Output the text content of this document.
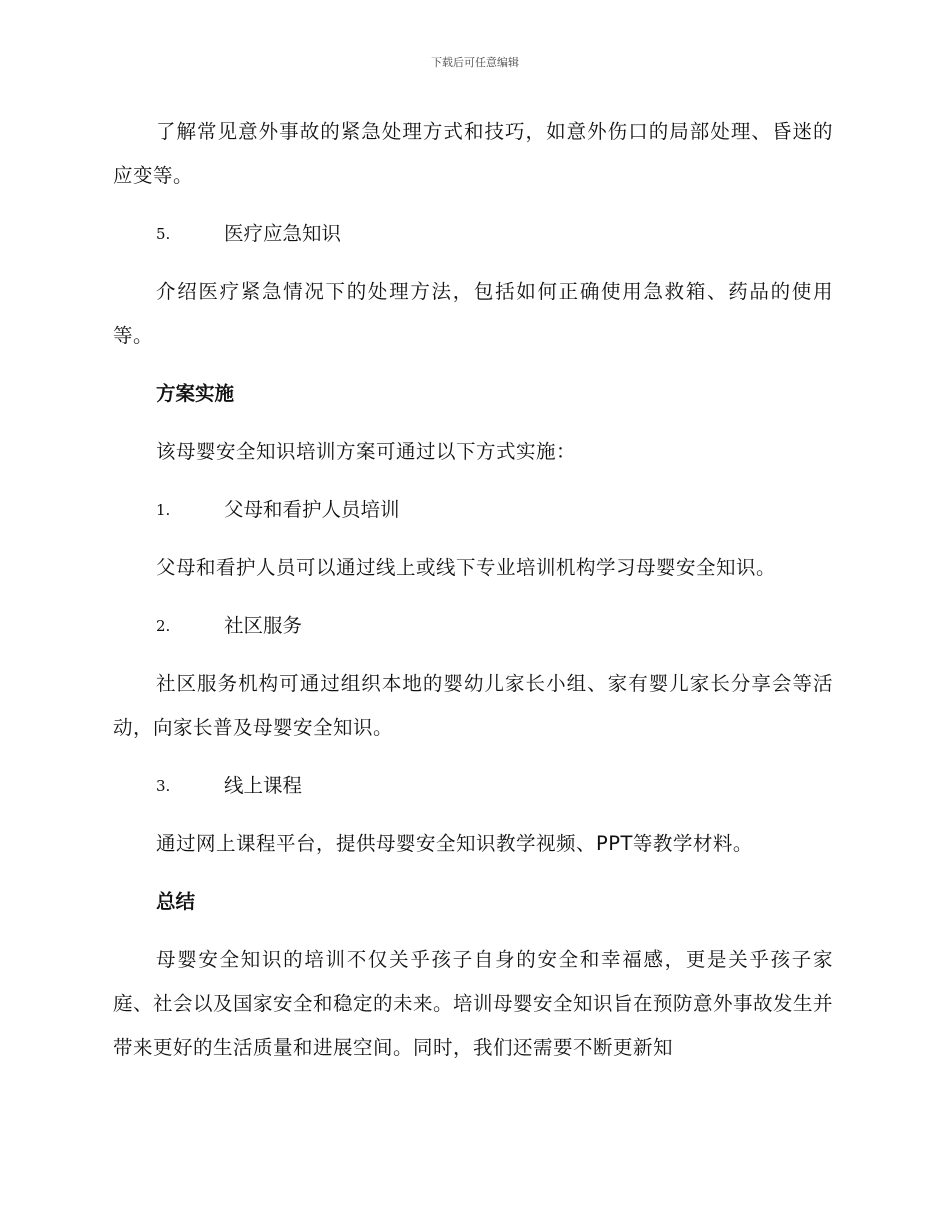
下载后可任意编辑

了解常见意外事故的紧急处理方式和技巧，如意外伤口的局部处理、昏迷的应变等。

5.	医疗应急知识

介绍医疗紧急情况下的处理方法，包括如何正确使用急救箱、药品的使用等。

方案实施

该母婴安全知识培训方案可通过以下方式实施：

1.	父母和看护人员培训

父母和看护人员可以通过线上或线下专业培训机构学习母婴安全知识。

2.	社区服务

社区服务机构可通过组织本地的婴幼儿家长小组、家有婴儿家长分享会等活动，向家长普及母婴安全知识。

3.	线上课程

通过网上课程平台，提供母婴安全知识教学视频、PPT等教学材料。

总结

母婴安全知识的培训不仅关乎孩子自身的安全和幸福感，更是关乎孩子家庭、社会以及国家安全和稳定的未来。培训母婴安全知识旨在预防意外事故发生并带来更好的生活质量和进展空间。同时，我们还需要不断更新知
